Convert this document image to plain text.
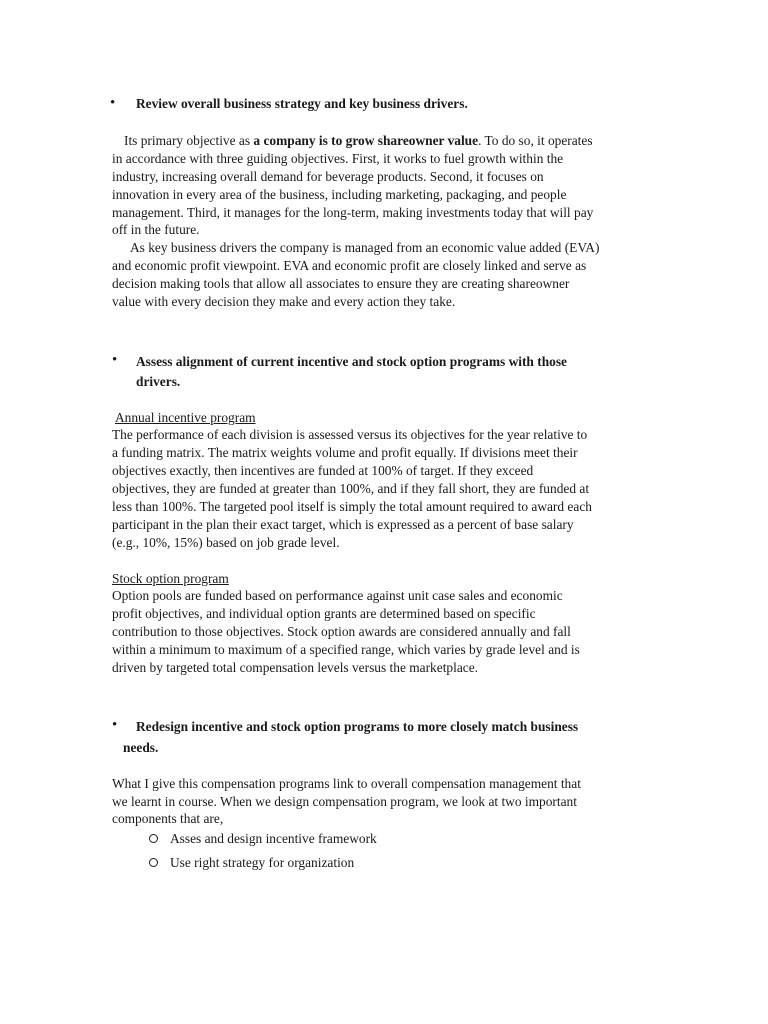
• Review overall business strategy and key business drivers.
Its primary objective as a company is to grow shareowner value. To do so, it operates
in accordance with three guiding objectives. First, it works to fuel growth within the
industry, increasing overall demand for beverage products. Second, it focuses on
innovation in every area of the business, including marketing, packaging, and people
management. Third, it manages for the long-term, making investments today that will pay
off in the future.
As key business drivers the company is managed from an economic value added (EVA)
and economic profit viewpoint. EVA and economic profit are closely linked and serve as
decision making tools that allow all associates to ensure they are creating shareowner
value with every decision they make and every action they take.
• Assess alignment of current incentive and stock option programs with those
drivers.
Annual incentive program
The performance of each division is assessed versus its objectives for the year relative to
a funding matrix. The matrix weights volume and profit equally. If divisions meet their
objectives exactly, then incentives are funded at 100% of target. If they exceed
objectives, they are funded at greater than 100%, and if they fall short, they are funded at
less than 100%. The targeted pool itself is simply the total amount required to award each
participant in the plan their exact target, which is expressed as a percent of base salary
(e.g., 10%, 15%) based on job grade level.
Stock option program
Option pools are funded based on performance against unit case sales and economic
profit objectives, and individual option grants are determined based on specific
contribution to those objectives. Stock option awards are considered annually and fall
within a minimum to maximum of a specified range, which varies by grade level and is
driven by targeted total compensation levels versus the marketplace.
• Redesign incentive and stock option programs to more closely match business
needs.
What I give this compensation programs link to overall compensation management that
we learnt in course. When we design compensation program, we look at two important
components that are,
Asses and design incentive framework
Use right strategy for organization
